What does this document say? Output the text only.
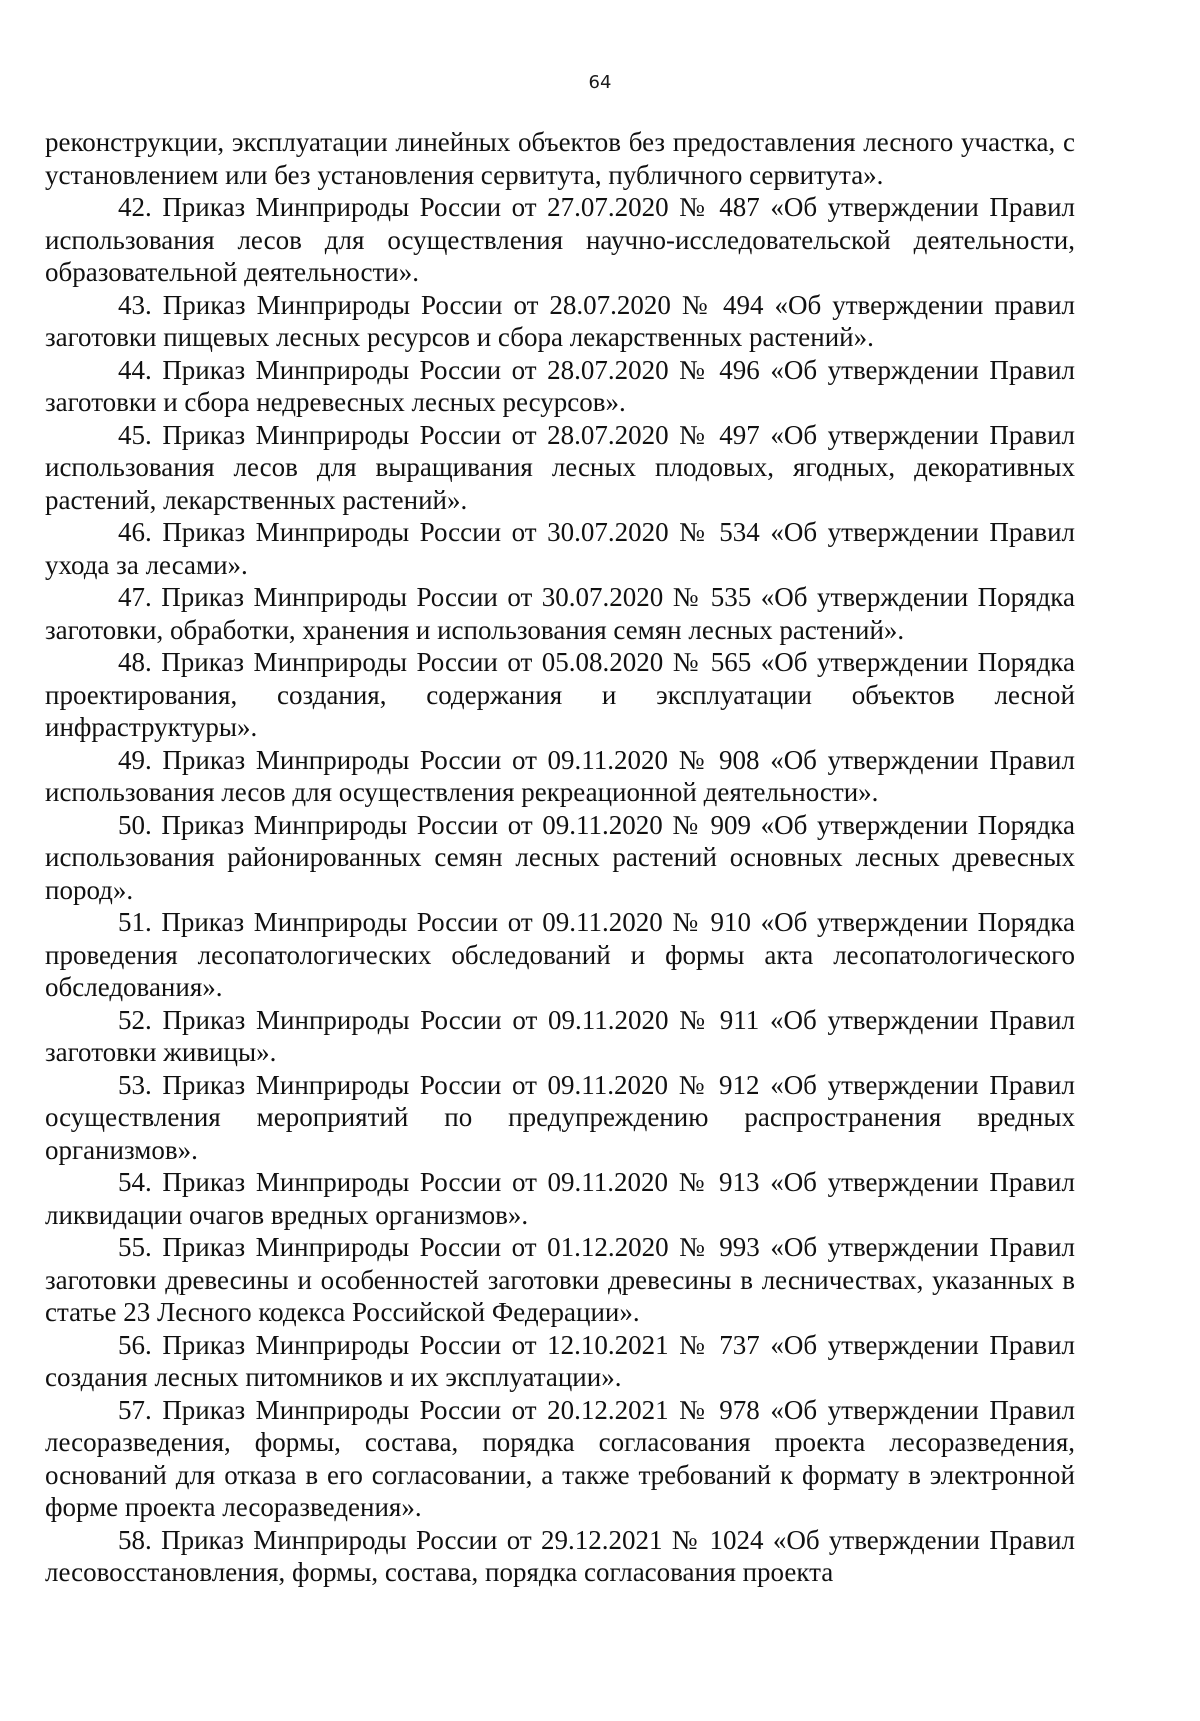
64

реконструкции, эксплуатации линейных объектов без предоставления лесного участка, с установлением или без установления сервитута, публичного сервитута».

42. Приказ Минприроды России от 27.07.2020 № 487 «Об утверждении Правил использования лесов для осуществления научно-исследовательской деятельности, образовательной деятельности».

43. Приказ Минприроды России от 28.07.2020 № 494 «Об утверждении правил заготовки пищевых лесных ресурсов и сбора лекарственных растений».

44. Приказ Минприроды России от 28.07.2020 № 496 «Об утверждении Правил заготовки и сбора недревесных лесных ресурсов».

45. Приказ Минприроды России от 28.07.2020 № 497 «Об утверждении Правил использования лесов для выращивания лесных плодовых, ягодных, декоративных растений, лекарственных растений».

46. Приказ Минприроды России от 30.07.2020 № 534 «Об утверждении Правил ухода за лесами».

47. Приказ Минприроды России от 30.07.2020 № 535 «Об утверждении Порядка заготовки, обработки, хранения и использования семян лесных растений».

48. Приказ Минприроды России от 05.08.2020 № 565 «Об утверждении Порядка проектирования, создания, содержания и эксплуатации объектов лесной инфраструктуры».

49. Приказ Минприроды России от 09.11.2020 № 908 «Об утверждении Правил использования лесов для осуществления рекреационной деятельности».

50. Приказ Минприроды России от 09.11.2020 № 909 «Об утверждении Порядка использования районированных семян лесных растений основных лесных древесных пород».

51. Приказ Минприроды России от 09.11.2020 № 910 «Об утверждении Порядка проведения лесопатологических обследований и формы акта лесопатологического обследования».

52. Приказ Минприроды России от 09.11.2020 № 911 «Об утверждении Правил заготовки живицы».

53. Приказ Минприроды России от 09.11.2020 № 912 «Об утверждении Правил осуществления мероприятий по предупреждению распространения вредных организмов».

54. Приказ Минприроды России от 09.11.2020 № 913 «Об утверждении Правил ликвидации очагов вредных организмов».

55. Приказ Минприроды России от 01.12.2020 № 993 «Об утверждении Правил заготовки древесины и особенностей заготовки древесины в лесничествах, указанных в статье 23 Лесного кодекса Российской Федерации».

56. Приказ Минприроды России от 12.10.2021 № 737 «Об утверждении Правил создания лесных питомников и их эксплуатации».

57. Приказ Минприроды России от 20.12.2021 № 978 «Об утверждении Правил лесоразведения, формы, состава, порядка согласования проекта лесоразведения, оснований для отказа в его согласовании, а также требований к формату в электронной форме проекта лесоразведения».

58. Приказ Минприроды России от 29.12.2021 № 1024 «Об утверждении Правил лесовосстановления, формы, состава, порядка согласования проекта
